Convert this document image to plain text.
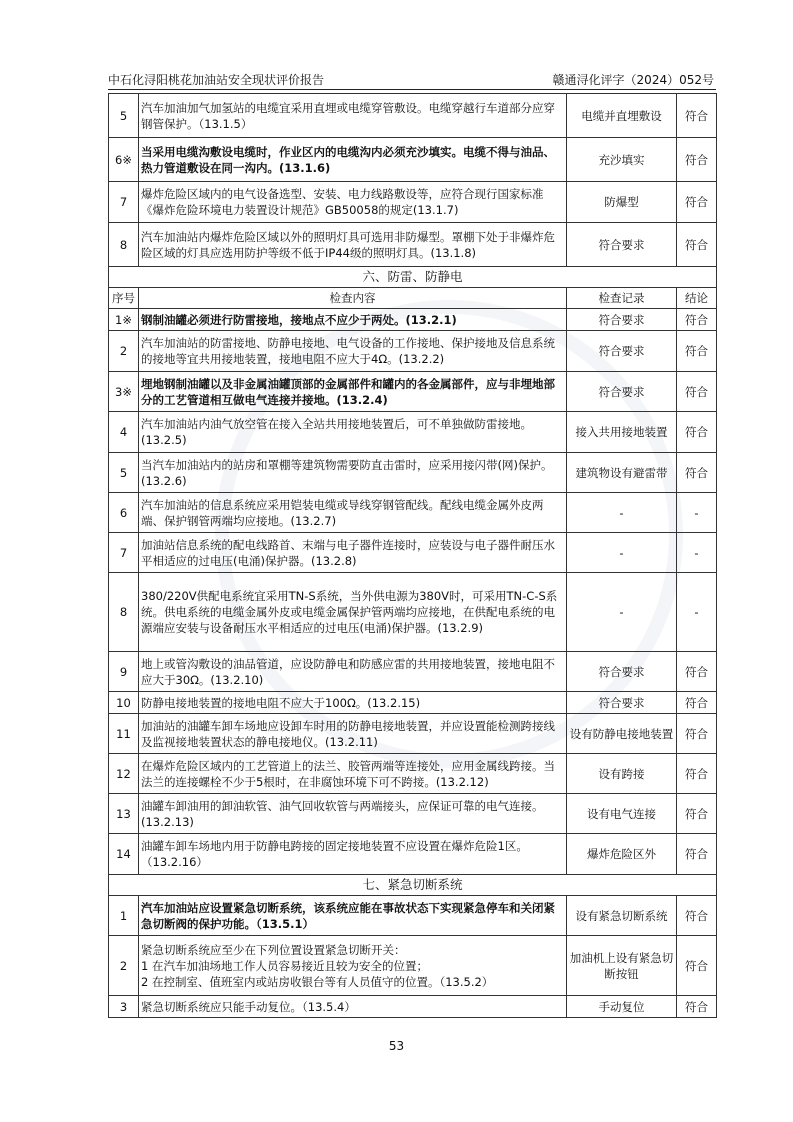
中石化浔阳桃花加油站安全现状评价报告	赣通浔化评字（2024）052号
5	汽车加油加气加氢站的电缆宜采用直埋或电缆穿管敷设。电缆穿越行车道部分应穿钢管保护。（13.1.5）	电缆并直埋敷设	符合
6※	当采用电缆沟敷设电缆时，作业区内的电缆沟内必须充沙填实。电缆不得与油品、热力管道敷设在同一沟内。(13.1.6)	充沙填实	符合
7	爆炸危险区域内的电气设备选型、安装、电力线路敷设等，应符合现行国家标准《爆炸危险环境电力装置设计规范》GB50058的规定(13.1.7)	防爆型	符合
8	汽车加油站内爆炸危险区域以外的照明灯具可选用非防爆型。罩棚下处于非爆炸危险区域的灯具应选用防护等级不低于IP44级的照明灯具。(13.1.8)	符合要求	符合
六、防雷、防静电			
序号	检查内容	检查记录	结论
1※	钢制油罐必须进行防雷接地，接地点不应少于两处。(13.2.1)	符合要求	符合
2	汽车加油站的防雷接地、防静电接地、电气设备的工作接地、保护接地及信息系统的接地等宜共用接地装置，接地电阻不应大于4Ω。(13.2.2)	符合要求	符合
3※	埋地钢制油罐以及非金属油罐顶部的金属部件和罐内的各金属部件，应与非埋地部分的工艺管道相互做电气连接并接地。(13.2.4)	符合要求	符合
4	汽车加油站内油气放空管在接入全站共用接地装置后，可不单独做防雷接地。(13.2.5)	接入共用接地装置	符合
5	当汽车加油站内的站房和罩棚等建筑物需要防直击雷时，应采用接闪带(网)保护。(13.2.6)	建筑物设有避雷带	符合
6	汽车加油站的信息系统应采用铠装电缆或导线穿钢管配线。配线电缆金属外皮两端、保护钢管两端均应接地。(13.2.7)	-	-
7	加油站信息系统的配电线路首、末端与电子器件连接时，应装设与电子器件耐压水平相适应的过电压(电涌)保护器。(13.2.8)	-	-
8	380/220V供配电系统宜采用TN-S系统，当外供电源为380V时，可采用TN-C-S系统。供电系统的电缆金属外皮或电缆金属保护管两端均应接地，在供配电系统的电源端应安装与设备耐压水平相适应的过电压(电涌)保护器。(13.2.9)	-	-
9	地上或管沟敷设的油品管道，应设防静电和防感应雷的共用接地装置，接地电阻不应大于30Ω。(13.2.10)	符合要求	符合
10	防静电接地装置的接地电阻不应大于100Ω。(13.2.15)	符合要求	符合
11	加油站的油罐车卸车场地应设卸车时用的防静电接地装置，并应设置能检测跨接线及监视接地装置状态的静电接地仪。(13.2.11)	设有防静电接地装置	符合
12	在爆炸危险区域内的工艺管道上的法兰、胶管两端等连接处，应用金属线跨接。当法兰的连接螺栓不少于5根时，在非腐蚀环境下可不跨接。(13.2.12)	设有跨接	符合
13	油罐车卸油用的卸油软管、油气回收软管与两端接头，应保证可靠的电气连接。(13.2.13)	设有电气连接	符合
14	油罐车卸车场地内用于防静电跨接的固定接地装置不应设置在爆炸危险1区。（13.2.16）	爆炸危险区外	符合
七、紧急切断系统			
1	汽车加油站应设置紧急切断系统，该系统应能在事故状态下实现紧急停车和关闭紧急切断阀的保护功能。（13.5.1）	设有紧急切断系统	符合
2	紧急切断系统应至少在下列位置设置紧急切断开关：
1 在汽车加油场地工作人员容易接近且较为安全的位置；
2 在控制室、值班室内或站房收银台等有人员值守的位置。（13.5.2）	加油机上设有紧急切断按钮	符合
3	紧急切断系统应只能手动复位。（13.5.4）	手动复位	符合
53
